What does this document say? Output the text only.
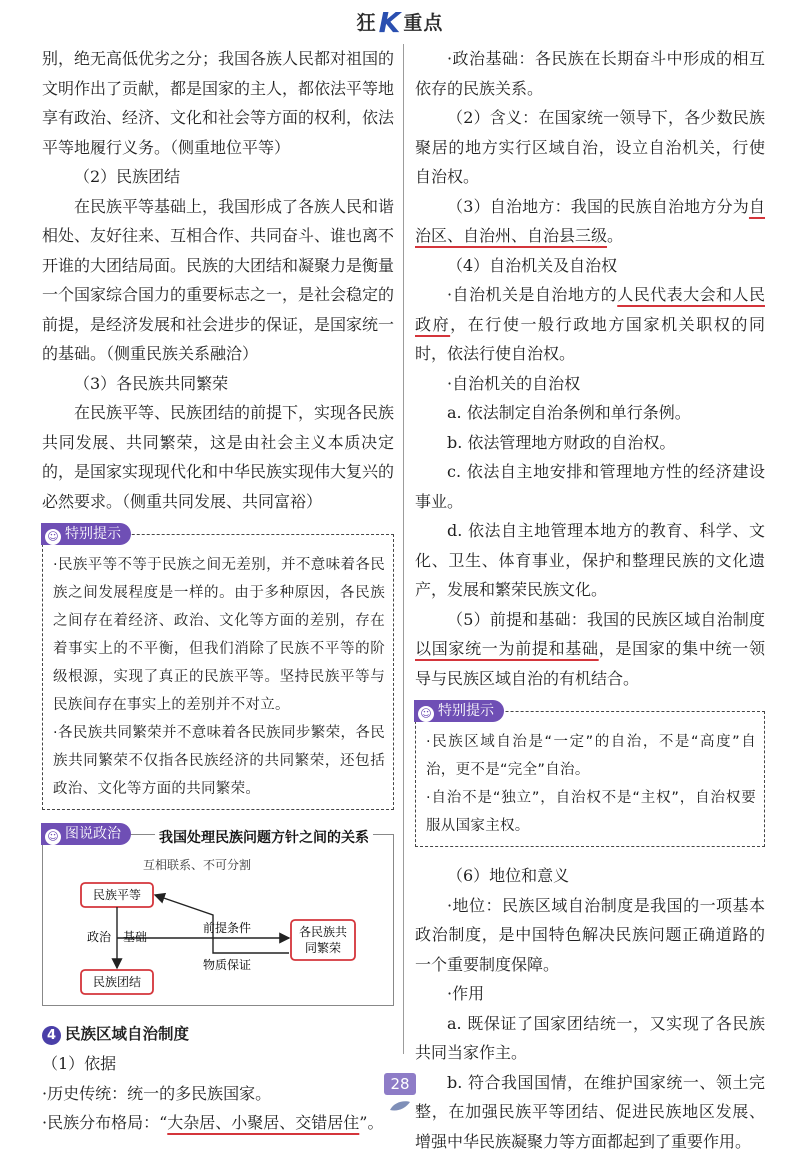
狂K 重点

别，绝无高低优劣之分；我国各族人民都对祖国的文明作出了贡献，都是国家的主人，都依法平等地享有政治、经济、文化和社会等方面的权利，依法平等地履行义务。（侧重地位平等）

（2）民族团结

在民族平等基础上，我国形成了各族人民和谐相处、友好往来、互相合作、共同奋斗、谁也离不开谁的大团结局面。民族的大团结和凝聚力是衡量一个国家综合国力的重要标志之一，是社会稳定的前提，是经济发展和社会进步的保证，是国家统一的基础。（侧重民族关系融洽）

（3）各民族共同繁荣

在民族平等、民族团结的前提下，实现各民族共同发展、共同繁荣，这是由社会主义本质决定的，是国家实现现代化和中华民族实现伟大复兴的必然要求。（侧重共同发展、共同富裕）

☺ 特别提示

·民族平等不等于民族之间无差别，并不意味着各民族之间发展程度是一样的。由于多种原因，各民族之间存在着经济、政治、文化等方面的差别，存在着事实上的不平衡，但我们消除了民族不平等的阶级根源，实现了真正的民族平等。坚持民族平等与民族间存在事实上的差别并不对立。

·各民族共同繁荣并不意味着各民族同步繁荣，各民族共同繁荣不仅指各民族经济的共同繁荣，还包括政治、文化等方面的共同繁荣。

☺ 图说政治	我国处理民族问题方针之间的关系
互相联系、不可分割
民族平等
民族团结
各民族共
同繁荣
政治 基础
前提条件
物质保证
4 民族区域自治制度

（1）依据

·历史传统：统一的多民族国家。

·民族分布格局：“大杂居、小聚居、交错居住”。

·政治基础：各民族在长期奋斗中形成的相互依存的民族关系。

（2）含义：在国家统一领导下，各少数民族聚居的地方实行区域自治，设立自治机关，行使自治权。

（3）自治地方：我国的民族自治地方分为自治区、自治州、自治县三级。

（4）自治机关及自治权

·自治机关是自治地方的人民代表大会和人民政府，在行使一般行政地方国家机关职权的同时，依法行使自治权。

·自治机关的自治权

a. 依法制定自治条例和单行条例。

b. 依法管理地方财政的自治权。

c. 依法自主地安排和管理地方性的经济建设事业。

d. 依法自主地管理本地方的教育、科学、文化、卫生、体育事业，保护和整理民族的文化遗产，发展和繁荣民族文化。

（5）前提和基础：我国的民族区域自治制度以国家统一为前提和基础，是国家的集中统一领导与民族区域自治的有机结合。

☺ 特别提示

·民族区域自治是“一定”的自治，不是“高度”自治，更不是“完全”自治。

·自治不是“独立”，自治权不是“主权”，自治权要服从国家主权。

（6）地位和意义

·地位：民族区域自治制度是我国的一项基本政治制度，是中国特色解决民族问题正确道路的一个重要制度保障。

·作用

a. 既保证了国家团结统一，又实现了各民族共同当家作主。

b. 符合我国国情，在维护国家统一、领土完整，在加强民族平等团结、促进民族地区发展、增强中华民族凝聚力等方面都起到了重要作用。

28
